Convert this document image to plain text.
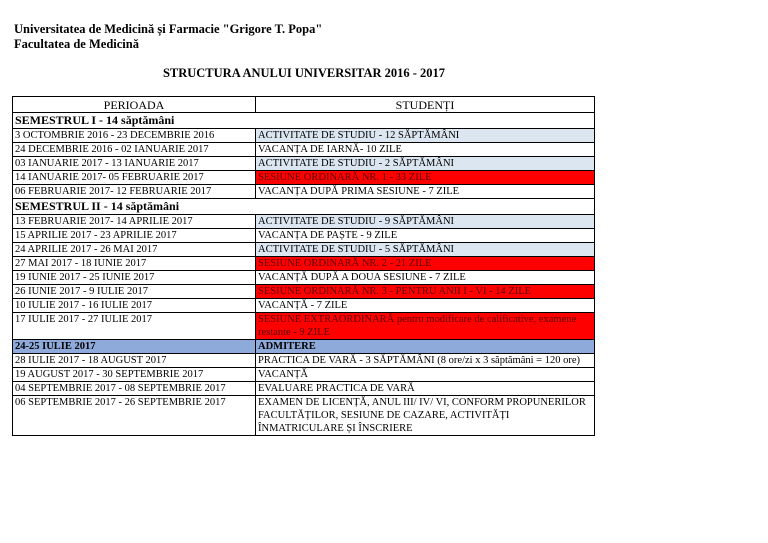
Universitatea de Medicină și Farmacie "Grigore T. Popa"
Facultatea de Medicină
STRUCTURA ANULUI UNIVERSITAR 2016 - 2017
PERIOADA	STUDENȚI
SEMESTRUL I - 14 săptămâni	
3 OCTOMBRIE 2016 - 23 DECEMBRIE 2016	ACTIVITATE DE STUDIU - 12 SĂPTĂMÂNI
24 DECEMBRIE 2016 - 02 IANUARIE 2017	VACANȚA DE IARNĂ- 10 ZILE
03 IANUARIE 2017 - 13 IANUARIE 2017	ACTIVITATE DE STUDIU - 2 SĂPTĂMÂNI
14 IANUARIE 2017- 05 FEBRUARIE 2017	SESIUNE ORDINARĂ NR. 1 - 33 ZILE
06 FEBRUARIE 2017- 12 FEBRUARIE 2017	VACANȚA DUPĂ PRIMA SESIUNE - 7 ZILE
SEMESTRUL II - 14 săptămâni	
13 FEBRUARIE 2017- 14 APRILIE 2017	ACTIVITATE DE STUDIU - 9 SĂPTĂMÂNI
15 APRILIE 2017 - 23 APRILIE 2017	VACANȚA DE PAȘTE - 9 ZILE
24 APRILIE 2017 - 26 MAI 2017	ACTIVITATE DE STUDIU - 5 SĂPTĂMÂNI
27 MAI 2017 - 18 IUNIE 2017	SESIUNE ORDINARĂ NR. 2 - 21 ZILE
19 IUNIE 2017 - 25 IUNIE 2017	VACANȚĂ DUPĂ A DOUA SESIUNE - 7 ZILE
26 IUNIE 2017 - 9 IULIE 2017	SESIUNE ORDINARĂ NR. 3 - PENTRU ANII I - VI - 14 ZILE
10 IULIE 2017 - 16 IULIE 2017	VACANȚĂ - 7 ZILE
17 IULIE 2017 - 27 IULIE 2017	SESIUNE EXTRAORDINARĂ pentru modificare de calificative, examene restante - 9 ZILE
24-25 IULIE 2017	ADMITERE
28 IULIE 2017 - 18 AUGUST 2017	PRACTICA DE VARĂ - 3 SĂPTĂMÂNI (8 ore/zi x 3 săptămâni = 120 ore)
19 AUGUST 2017 - 30 SEPTEMBRIE 2017	VACANȚĂ
04 SEPTEMBRIE 2017 - 08 SEPTEMBRIE 2017	EVALUARE PRACTICA DE VARĂ
06 SEPTEMBRIE 2017 - 26 SEPTEMBRIE 2017	EXAMEN DE LICENȚĂ, ANUL III/ IV/ VI, CONFORM PROPUNERILOR FACULTĂȚILOR, SESIUNE DE CAZARE, ACTIVITĂȚI ÎNMATRICULARE ȘI ÎNSCRIERE
